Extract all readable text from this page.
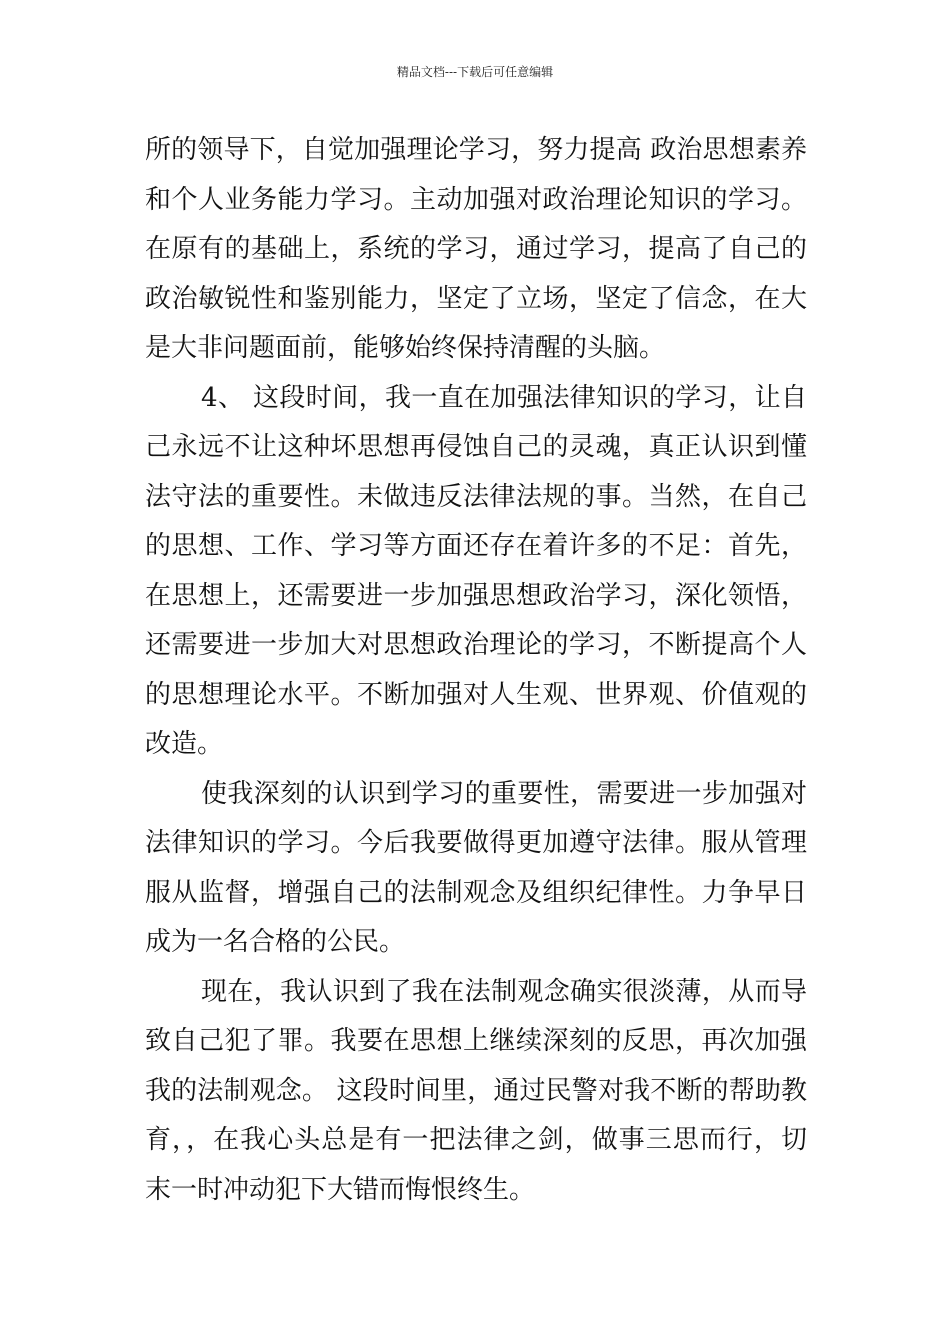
精品文档---下载后可任意编辑

所的领导下，自觉加强理论学习，努力提高 政治思想素养和个人业务能力学习。主动加强对政治理论知识的学习。在原有的基础上，系统的学习，通过学习，提高了自己的政治敏锐性和鉴别能力，坚定了立场，坚定了信念，在大是大非问题面前，能够始终保持清醒的头脑。

4、 这段时间，我一直在加强法律知识的学习，让自己永远不让这种坏思想再侵蚀自己的灵魂，真正认识到懂法守法的重要性。未做违反法律法规的事。当然，在自己的思想、工作、学习等方面还存在着许多的不足：首先，在思想上，还需要进一步加强思想政治学习，深化领悟，还需要进一步加大对思想政治理论的学习，不断提高个人的思想理论水平。不断加强对人生观、世界观、价值观的改造。

使我深刻的认识到学习的重要性，需要进一步加强对法律知识的学习。今后我要做得更加遵守法律。服从管理服从监督，增强自己的法制观念及组织纪律性。力争早日成为一名合格的公民。

现在，我认识到了我在法制观念确实很淡薄，从而导致自己犯了罪。我要在思想上继续深刻的反思，再次加强我的法制观念。 这段时间里，通过民警对我不断的帮助教育，，在我心头总是有一把法律之剑，做事三思而行，切末一时冲动犯下大错而悔恨终生。
